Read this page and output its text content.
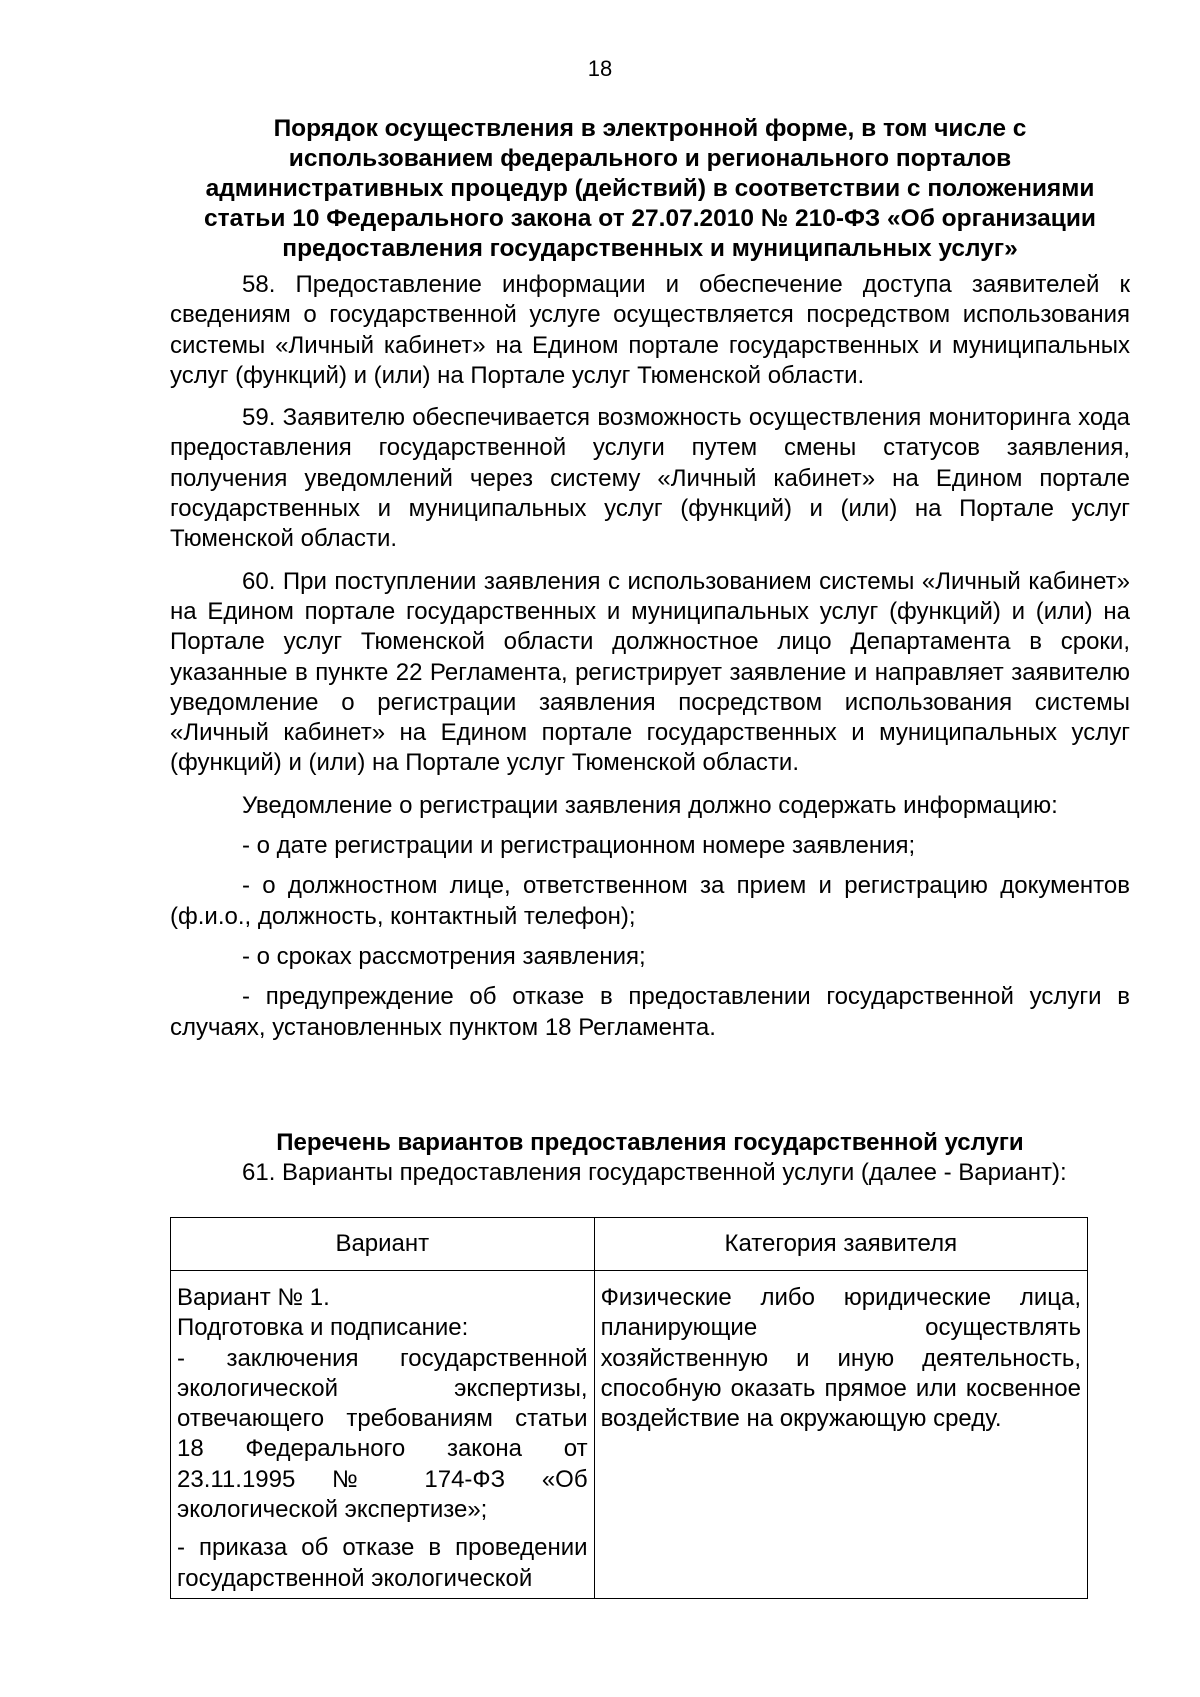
18
Порядок осуществления в электронной форме, в том числе с использованием федерального и регионального порталов административных процедур (действий) в соответствии с положениями статьи 10 Федерального закона от 27.07.2010 № 210-ФЗ «Об организации предоставления государственных и муниципальных услуг»

58. Предоставление информации и обеспечение доступа заявителей к сведениям о государственной услуге осуществляется посредством использования системы «Личный кабинет» на Едином портале государственных и муниципальных услуг (функций) и (или) на Портале услуг Тюменской области.

59. Заявителю обеспечивается возможность осуществления мониторинга хода предоставления государственной услуги путем смены статусов заявления, получения уведомлений через систему «Личный кабинет» на Едином портале государственных и муниципальных услуг (функций) и (или) на Портале услуг Тюменской области.

60. При поступлении заявления с использованием системы «Личный кабинет» на Едином портале государственных и муниципальных услуг (функций) и (или) на Портале услуг Тюменской области должностное лицо Департамента в сроки, указанные в пункте 22 Регламента, регистрирует заявление и направляет заявителю уведомление о регистрации заявления посредством использования системы «Личный кабинет» на Едином портале государственных и муниципальных услуг (функций) и (или) на Портале услуг Тюменской области.

Уведомление о регистрации заявления должно содержать информацию:

- о дате регистрации и регистрационном номере заявления;

- о должностном лице, ответственном за прием и регистрацию документов (ф.и.о., должность, контактный телефон);

- о сроках рассмотрения заявления;

- предупреждение об отказе в предоставлении государственной услуги в случаях, установленных пунктом 18 Регламента.

Перечень вариантов предоставления государственной услуги
61. Варианты предоставления государственной услуги (далее - Вариант):
Вариант	Категория заявителя

Вариант № 1.
Подготовка и подписание:
- заключения государственной экологической экспертизы, отвечающего требованиям статьи 18 Федерального закона от 23.11.1995 № 174-ФЗ «Об экологической экспертизе»;
- приказа об отказе в проведении государственной экологической	Физические либо юридические лица, планирующие осуществлять хозяйственную и иную деятельность, способную оказать прямое или косвенное воздействие на окружающую среду.
